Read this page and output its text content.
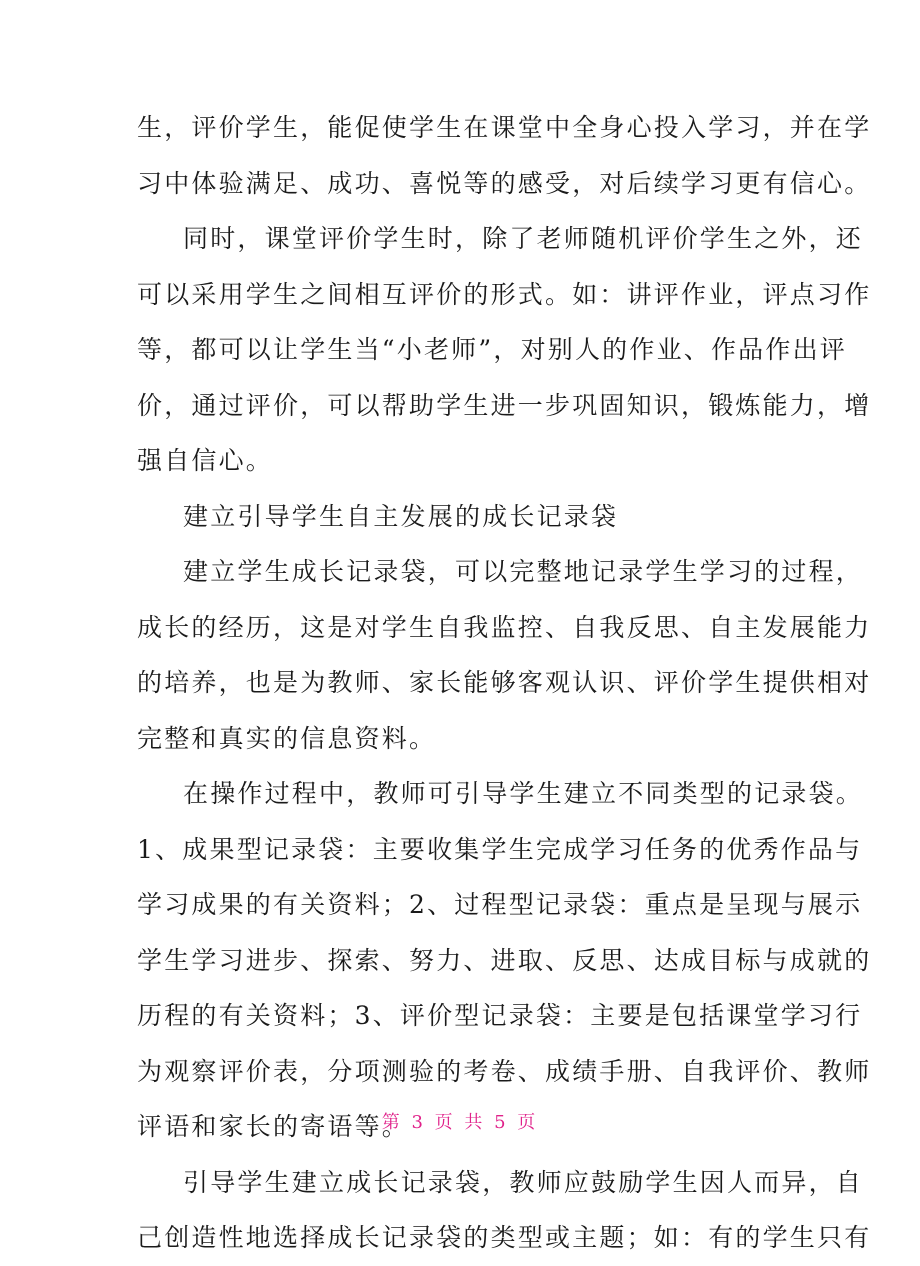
生，评价学生，能促使学生在课堂中全身心投入学习，并在学
习中体验满足、成功、喜悦等的感受，对后续学习更有信心。
同时，课堂评价学生时，除了老师随机评价学生之外，还
可以采用学生之间相互评价的形式。如：讲评作业，评点习作
等，都可以让学生当“小老师”，对别人的作业、作品作出评
价，通过评价，可以帮助学生进一步巩固知识，锻炼能力，增
强自信心。
建立引导学生自主发展的成长记录袋
建立学生成长记录袋，可以完整地记录学生学习的过程，
成长的经历，这是对学生自我监控、自我反思、自主发展能力
的培养，也是为教师、家长能够客观认识、评价学生提供相对
完整和真实的信息资料。
在操作过程中，教师可引导学生建立不同类型的记录袋。
1、成果型记录袋：主要收集学生完成学习任务的优秀作品与
学习成果的有关资料；2、过程型记录袋：重点是呈现与展示
学生学习进步、探索、努力、进取、反思、达成目标与成就的
历程的有关资料；3、评价型记录袋：主要是包括课堂学习行
为观察评价表，分项测验的考卷、成绩手册、自我评价、教师
评语和家长的寄语等。
引导学生建立成长记录袋，教师应鼓励学生因人而异，自
己创造性地选择成长记录袋的类型或主题；如：有的学生只有
第 3 页 共 5 页
